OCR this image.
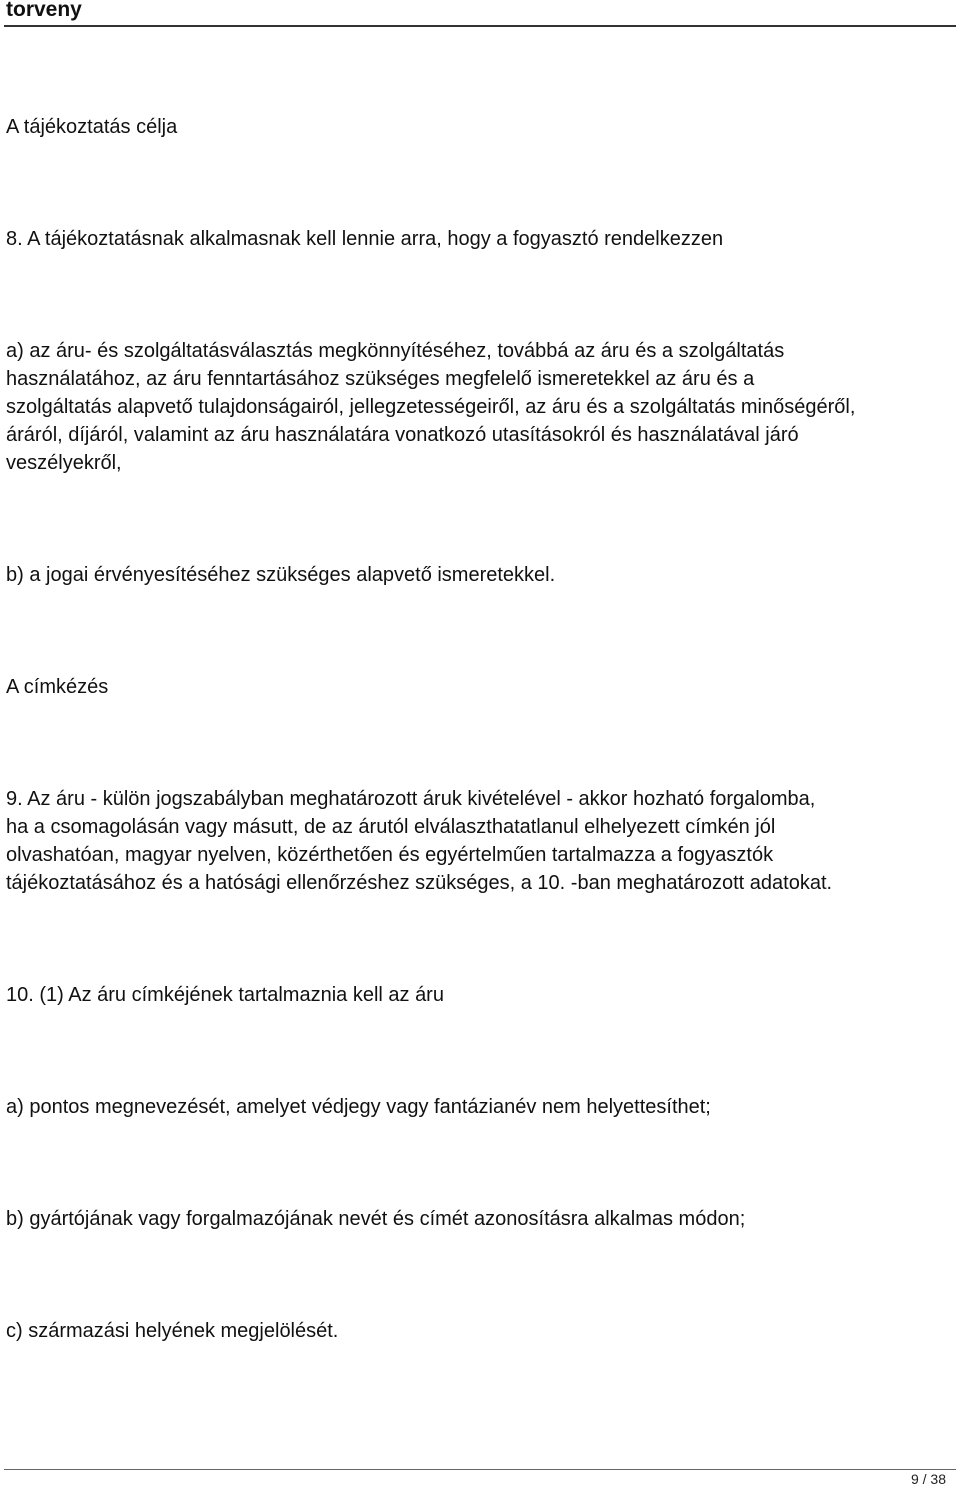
torveny
A tájékoztatás célja
8. A tájékoztatásnak alkalmasnak kell lennie arra, hogy a fogyasztó rendelkezzen
a) az áru- és szolgáltatásválasztás megkönnyítéséhez, továbbá az áru és a szolgáltatás
használatához, az áru fenntartásához szükséges megfelelő ismeretekkel az áru és a
szolgáltatás alapvető tulajdonságairól, jellegzetességeiről, az áru és a szolgáltatás minőségéről,
áráról, díjáról, valamint az áru használatára vonatkozó utasításokról és használatával járó
veszélyekről,
b) a jogai érvényesítéséhez szükséges alapvető ismeretekkel.
A címkézés
9. Az áru - külön jogszabályban meghatározott áruk kivételével - akkor hozható forgalomba,
ha a csomagolásán vagy másutt, de az árutól elválaszthatatlanul elhelyezett címkén jól
olvashatóan, magyar nyelven, közérthetően és egyértelműen tartalmazza a fogyasztók
tájékoztatásához és a hatósági ellenőrzéshez szükséges, a 10. -ban meghatározott adatokat.
10. (1) Az áru címkéjének tartalmaznia kell az áru
a) pontos megnevezését, amelyet védjegy vagy fantázianév nem helyettesíthet;
b) gyártójának vagy forgalmazójának nevét és címét azonosításra alkalmas módon;
c) származási helyének megjelölését.
9 / 38
